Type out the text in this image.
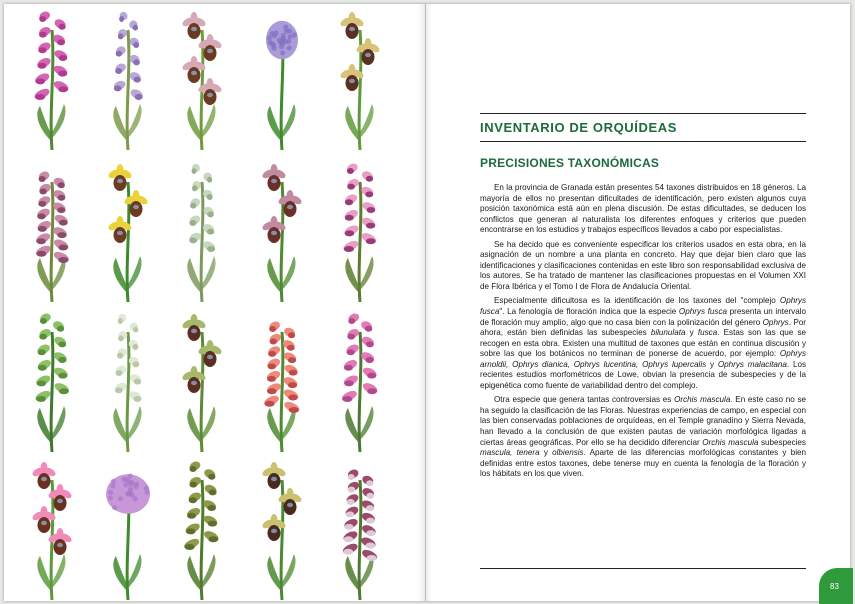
INVENTARIO DE ORQUÍDEAS
PRECISIONES TAXONÓMICAS

En la provincia de Granada están presentes 54 taxones distribuidos en 18 géneros. La mayoría de ellos no presentan dificultades de identificación, pero existen algunos cuya posición taxonómica está aún en plena discusión. De estas dificultades, se deducen los conflictos que generan al naturalista los diferentes enfoques y criterios que pueden encontrarse en los estudios y trabajos específicos llevados a cabo por especialistas.

Se ha decido que es conveniente especificar los criterios usados en esta obra, en la asignación de un nombre a una planta en concreto. Hay que dejar bien claro que las identificaciones y clasificaciones contenidas en este libro son responsabilidad exclusiva de los autores. Se ha tratado de mantener las clasificaciones propuestas en el Volumen XXI de Flora Ibérica y el Tomo I de Flora de Andalucía Oriental.

Especialmente dificultosa es la identificación de los taxones del "complejo Ophrys fusca". La fenología de floración indica que la especie Ophrys fusca presenta un intervalo de floración muy amplio, algo que no casa bien con la polinización del género Ophrys. Por ahora, están bien definidas las subespecies bilunulata y fusca. Estas son las que se recogen en esta obra. Existen una multitud de taxones que están en continua discusión y sobre las que los botánicos no terminan de ponerse de acuerdo, por ejemplo: Ophrys arnoldii, Ophrys dianica, Ophrys lucentina, Ophrys lupercalis y Ophrys malacitana. Los recientes estudios morfométricos de Lowe, obvian la presencia de subespecies y de la epigenética como fuente de variabilidad dentro del complejo.

Otra especie que genera tantas controversias es Orchis mascula. En este caso no se ha seguido la clasificación de las Floras. Nuestras experiencias de campo, en especial con las bien conservadas poblaciones de orquídeas, en el Temple granadino y Sierra Nevada, han llevado a la conclusión de que existen pautas de variación morfológica ligadas a ciertas áreas geográficas. Por ello se ha decidido diferenciar Orchis mascula subespecies mascula, tenera y olbiensis. Aparte de las diferencias morfológicas constantes y bien definidas entre estos taxones, debe tenerse muy en cuenta la fenología de la floración y los hábitats en los que viven.

83
